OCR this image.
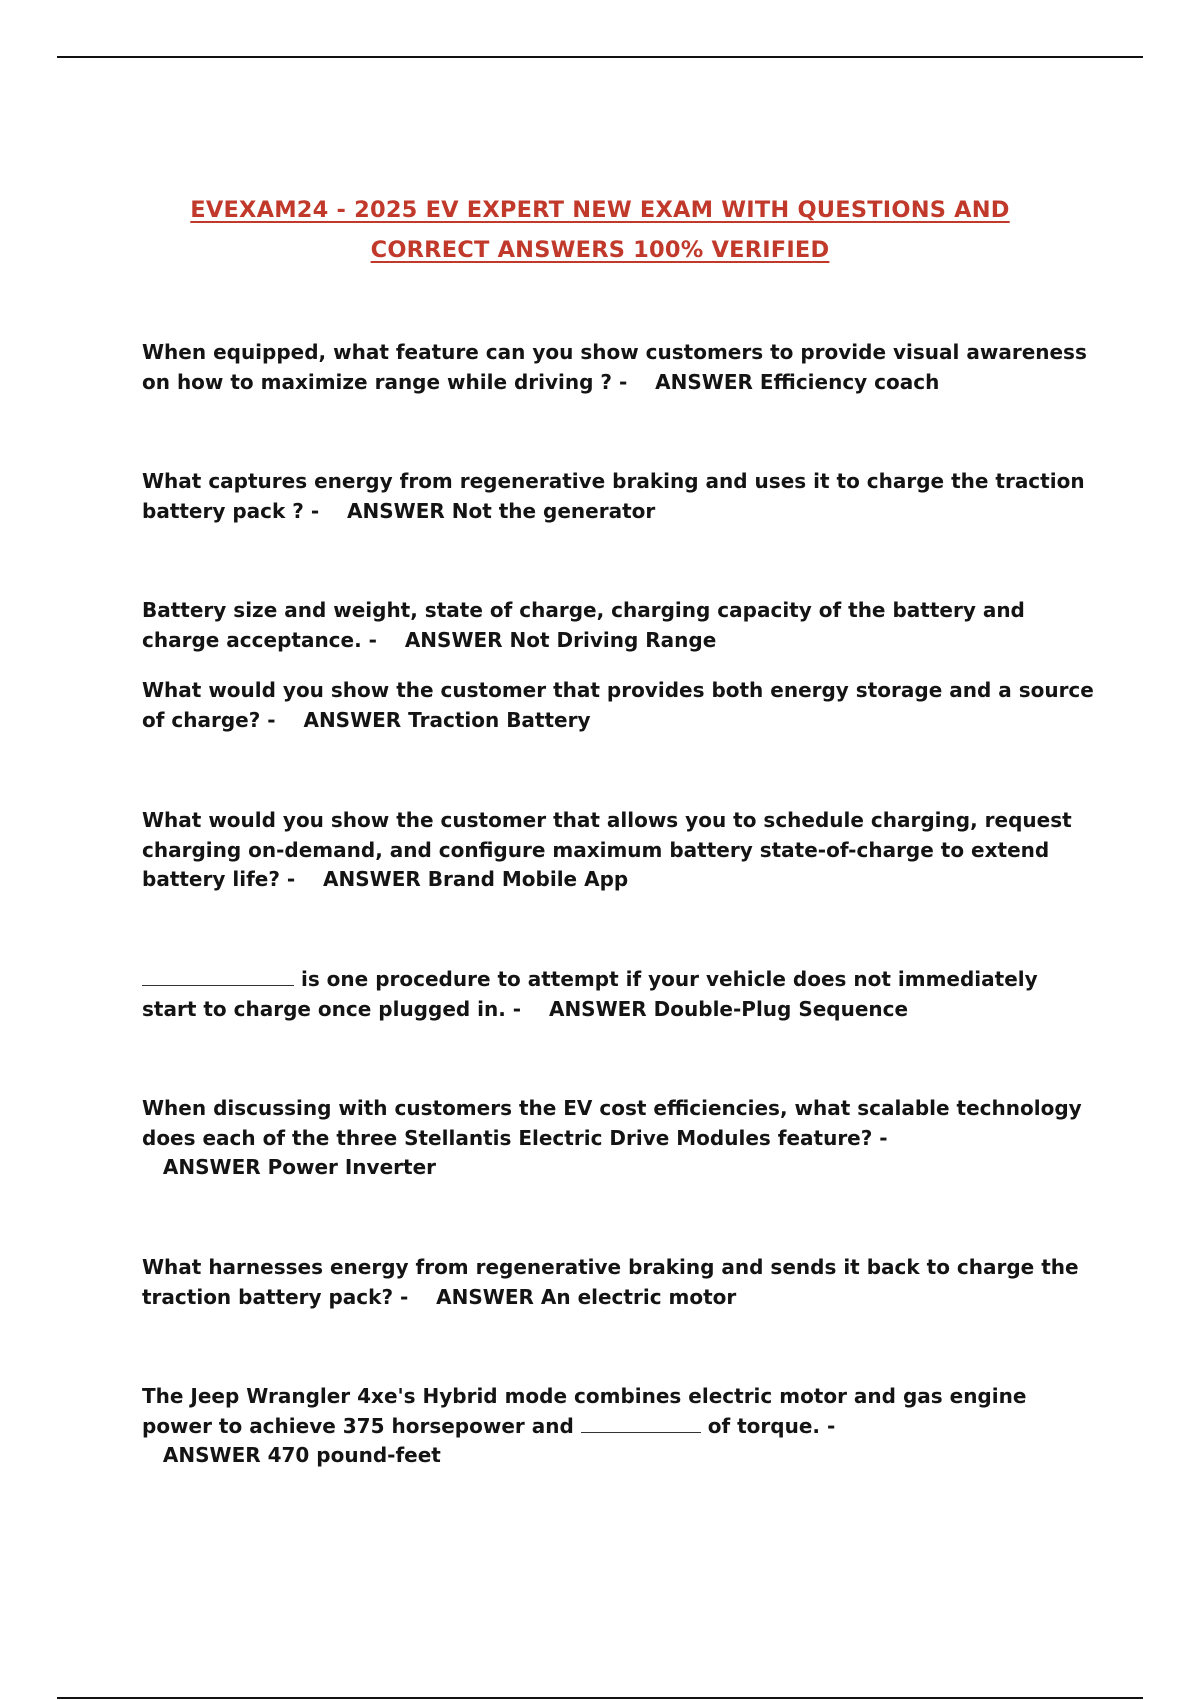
EVEXAM24 - 2025 EV EXPERT NEW EXAM WITH QUESTIONS AND
CORRECT ANSWERS 100% VERIFIED

When equipped, what feature can you show customers to provide visual awareness on how to maximize range while driving ? -    ANSWER Efficiency coach

What captures energy from regenerative braking and uses it to charge the traction battery pack ? -    ANSWER Not the generator

Battery size and weight, state of charge, charging capacity of the battery and charge acceptance. -    ANSWER Not Driving Range

What would you show the customer that provides both energy storage and a source of charge? -    ANSWER Traction Battery

What would you show the customer that allows you to schedule charging, request charging on-demand, and configure maximum battery state-of-charge to extend battery life? -    ANSWER Brand Mobile App

is one procedure to attempt if your vehicle does not immediately start to charge once plugged in. -    ANSWER Double-Plug Sequence

When discussing with customers the EV cost efficiencies, what scalable technology does each of the three Stellantis Electric Drive Modules feature? -    ANSWER Power Inverter

What harnesses energy from regenerative braking and sends it back to charge the traction battery pack? -    ANSWER An electric motor

The Jeep Wrangler 4xe's Hybrid mode combines electric motor and gas engine power to achieve 375 horsepower and	of torque. -    ANSWER 470 pound-feet
